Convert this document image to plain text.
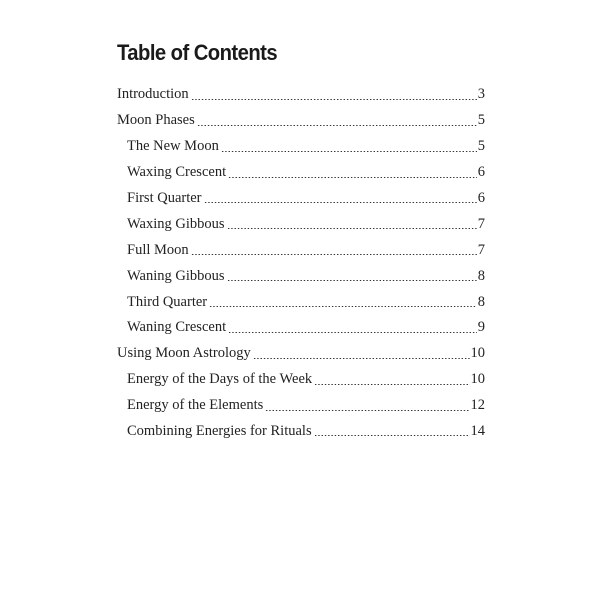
Table of Contents
Introduction	3
Moon Phases	5
The New Moon	5
Waxing Crescent	6
First Quarter	6
Waxing Gibbous	7
Full Moon	7
Waning Gibbous	8
Third Quarter	8
Waning Crescent	9
Using Moon Astrology	10
Energy of the Days of the Week	10
Energy of the Elements	12
Combining Energies for Rituals	14
